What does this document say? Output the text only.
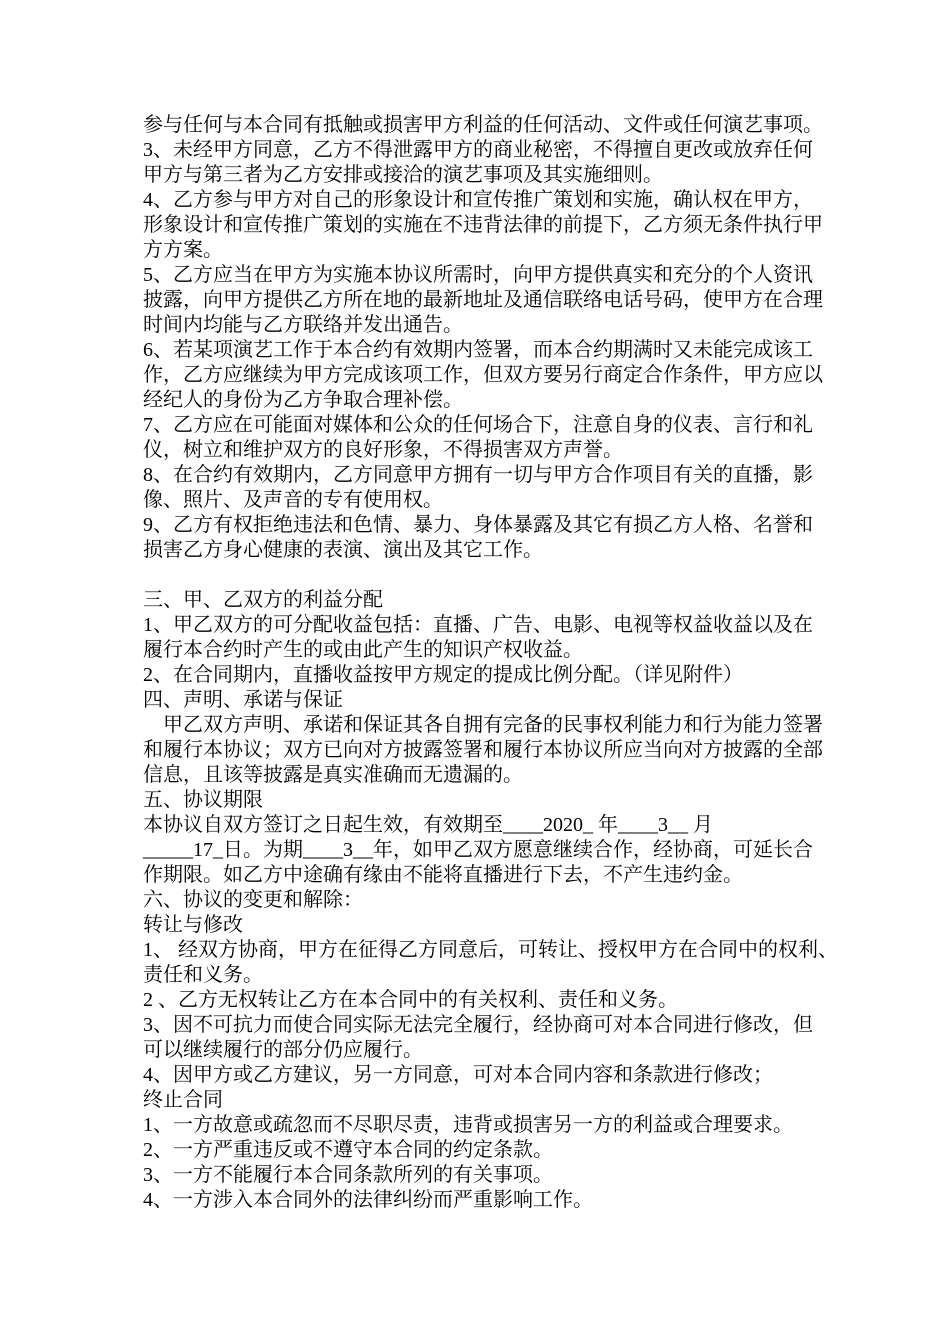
参与任何与本合同有抵触或损害甲方利益的任何活动、文件或任何演艺事项。
3、未经甲方同意，乙方不得泄露甲方的商业秘密，不得擅自更改或放弃任何
甲方与第三者为乙方安排或接洽的演艺事项及其实施细则。
4、乙方参与甲方对自己的形象设计和宣传推广策划和实施，确认权在甲方，
形象设计和宣传推广策划的实施在不违背法律的前提下，乙方须无条件执行甲
方方案。
5、乙方应当在甲方为实施本协议所需时，向甲方提供真实和充分的个人资讯
披露，向甲方提供乙方所在地的最新地址及通信联络电话号码，使甲方在合理
时间内均能与乙方联络并发出通告。
6、若某项演艺工作于本合约有效期内签署，而本合约期满时又未能完成该工
作，乙方应继续为甲方完成该项工作，但双方要另行商定合作条件，甲方应以
经纪人的身份为乙方争取合理补偿。
7、乙方应在可能面对媒体和公众的任何场合下，注意自身的仪表、言行和礼
仪，树立和维护双方的良好形象，不得损害双方声誉。
8、在合约有效期内，乙方同意甲方拥有一切与甲方合作项目有关的直播，影
像、照片、及声音的专有使用权。
9、乙方有权拒绝违法和色情、暴力、身体暴露及其它有损乙方人格、名誉和
损害乙方身心健康的表演、演出及其它工作。
三、甲、乙双方的利益分配
1、甲乙双方的可分配收益包括：直播、广告、电影、电视等权益收益以及在
履行本合约时产生的或由此产生的知识产权收益。
2、在合同期内，直播收益按甲方规定的提成比例分配。（详见附件）
四、声明、承诺与保证
　甲乙双方声明、承诺和保证其各自拥有完备的民事权利能力和行为能力签署
和履行本协议；双方已向对方披露签署和履行本协议所应当向对方披露的全部
信息，且该等披露是真实准确而无遗漏的。
五、协议期限
本协议自双方签订之日起生效，有效期至____2020_ 年____3__ 月
_____17_日。为期____3__年，如甲乙双方愿意继续合作，经协商，可延长合
作期限。如乙方中途确有缘由不能将直播进行下去，不产生违约金。
六、协议的变更和解除：
转让与修改
1、 经双方协商，甲方在征得乙方同意后，可转让、授权甲方在合同中的权利、
责任和义务。
2 、乙方无权转让乙方在本合同中的有关权利、责任和义务。
3、因不可抗力而使合同实际无法完全履行，经协商可对本合同进行修改，但
可以继续履行的部分仍应履行。
4、因甲方或乙方建议，另一方同意，可对本合同内容和条款进行修改；
终止合同
1、一方故意或疏忽而不尽职尽责，违背或损害另一方的利益或合理要求。
2、一方严重违反或不遵守本合同的约定条款。
3、一方不能履行本合同条款所列的有关事项。
4、一方涉入本合同外的法律纠纷而严重影响工作。
